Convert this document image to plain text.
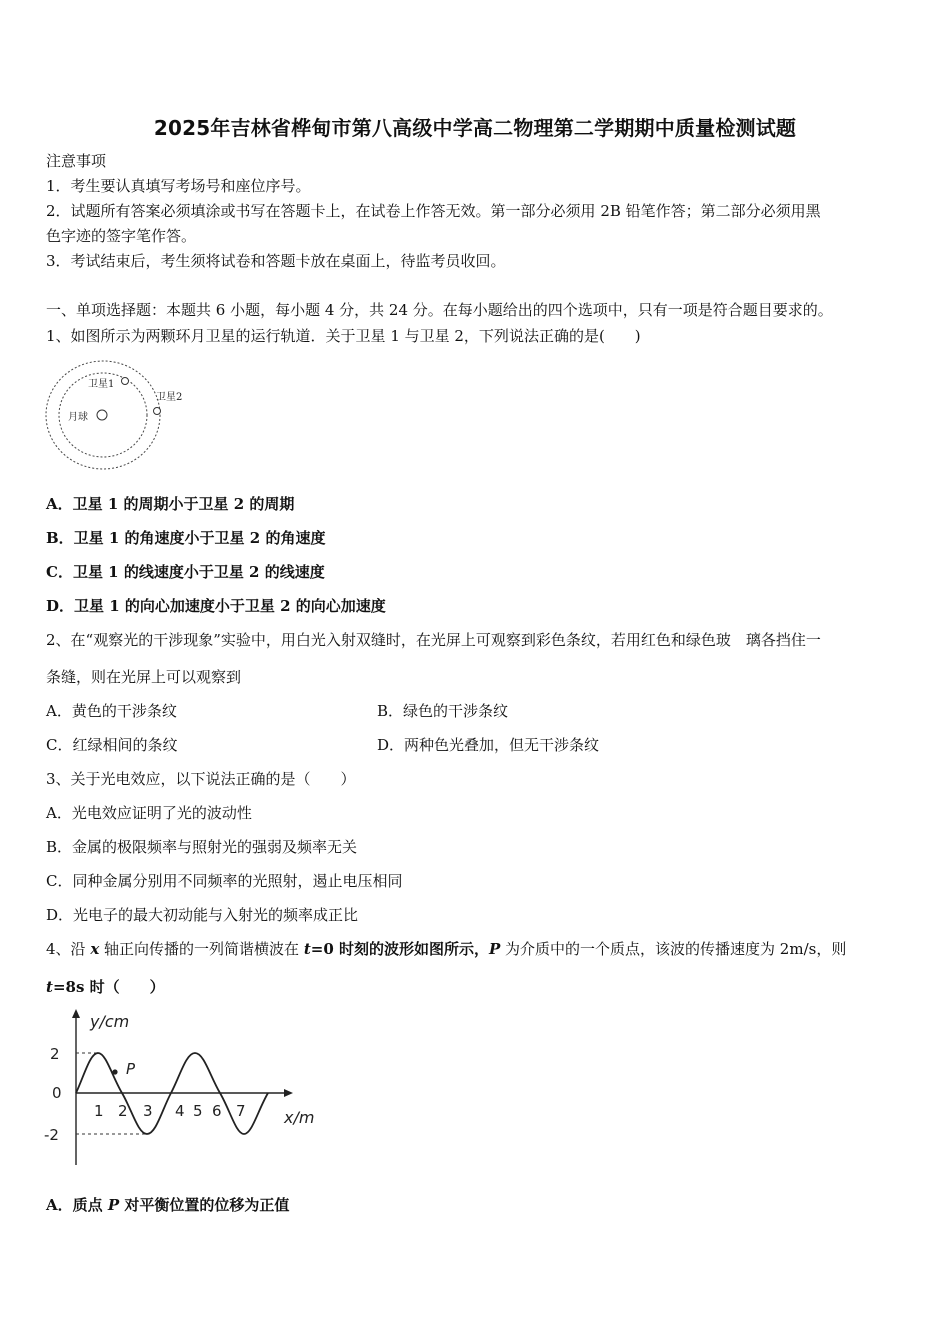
2025年吉林省桦甸市第八高级中学高二物理第二学期期中质量检测试题
注意事项
1．考生要认真填写考场号和座位序号。
2．试题所有答案必须填涂或书写在答题卡上，在试卷上作答无效。第一部分必须用 2B 铅笔作答；第二部分必须用黑
色字迹的签字笔作答。
3．考试结束后，考生须将试卷和答题卡放在桌面上，待监考员收回。
一、单项选择题：本题共 6 小题，每小题 4 分，共 24 分。在每小题给出的四个选项中，只有一项是符合题目要求的。
1、如图所示为两颗环月卫星的运行轨道．关于卫星 1 与卫星 2，下列说法正确的是(　　)
月球
卫星1
卫星2
A．卫星 1 的周期小于卫星 2 的周期
B．卫星 1 的角速度小于卫星 2 的角速度
C．卫星 1 的线速度小于卫星 2 的线速度
D．卫星 1 的向心加速度小于卫星 2 的向心加速度
2、在“观察光的干涉现象”实验中，用白光入射双缝时，在光屏上可观察到彩色条纹，若用红色和绿色玻　璃各挡住一
条缝，则在光屏上可以观察到
A．黄色的干涉条纹	B．绿色的干涉条纹
C．红绿相间的条纹	D．两种色光叠加，但无干涉条纹
3、关于光电效应，以下说法正确的是（　　）
A．光电效应证明了光的波动性
B．金属的极限频率与照射光的强弱及频率无关
C．同种金属分别用不同频率的光照射，遏止电压相同
D．光电子的最大初动能与入射光的频率成正比
4、沿 x 轴正向传播的一列简谐横波在 t=0 时刻的波形如图所示，P 为介质中的一个质点，该波的传播速度为 2m/s，则
t=8s 时（　　）
y/cm
x/m
2
0
-2
1 2 3 4 5 6 7
P
A．质点 P 对平衡位置的位移为正值
